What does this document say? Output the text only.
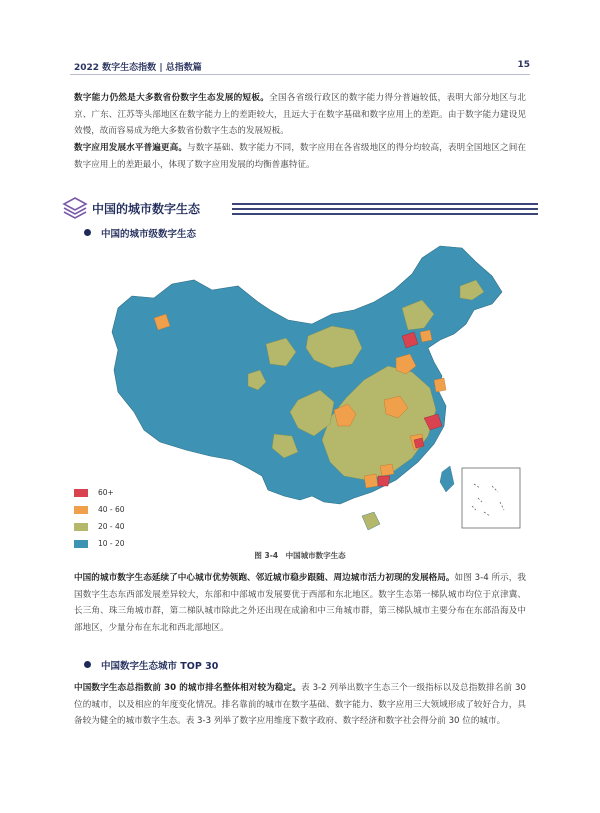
2022 数字生态指数 | 总指数篇	15

数字能力仍然是大多数省份数字生态发展的短板。全国各省级行政区的数字能力得分普遍较低，表明大部分地区与北京、广东、江苏等头部地区在数字能力上的差距较大，且远大于在数字基础和数字应用上的差距。由于数字能力建设见效慢，故而容易成为绝大多数省份数字生态的发展短板。

数字应用发展水平普遍更高。与数字基础、数字能力不同，数字应用在各省级地区的得分均较高，表明全国地区之间在数字应用上的差距最小，体现了数字应用发展的均衡普惠特征。

中国的城市数字生态
中国的城市级数字生态
60+
40 - 60
20 - 40
10 - 20
图 3-4　中国城市数字生态

中国的城市数字生态延续了中心城市优势领跑、邻近城市稳步跟随、周边城市活力初现的发展格局。如图 3-4 所示，我国数字生态东西部发展差异较大，东部和中部城市发展要优于西部和东北地区。数字生态第一梯队城市均位于京津冀、长三角、珠三角城市群，第二梯队城市除此之外还出现在成渝和中三角城市群，第三梯队城市主要分布在东部沿海及中部地区，少量分布在东北和西北部地区。

中国数字生态城市 TOP 30

中国数字生态总指数前 30 的城市排名整体相对较为稳定。表 3-2 列举出数字生态三个一级指标以及总指数排名前 30 位的城市，以及相应的年度变化情况。排名靠前的城市在数字基础、数字能力、数字应用三大领域形成了较好合力，具备较为健全的城市数字生态。表 3-3 列举了数字应用维度下数字政府、数字经济和数字社会得分前 30 位的城市。
